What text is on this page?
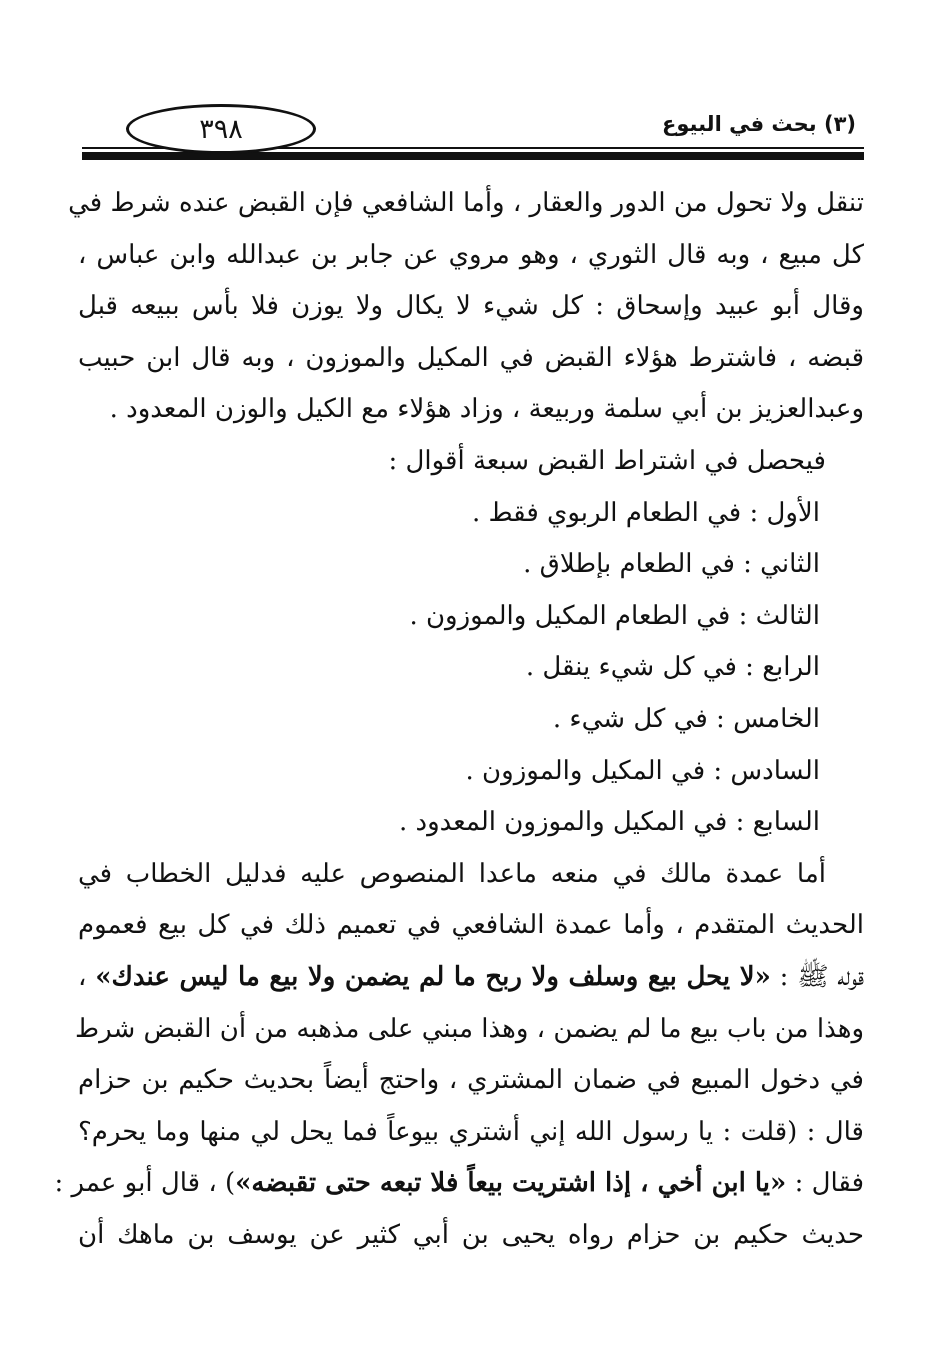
٣٩٨	(٣) بحث في البيوع
تنقل ولا تحول من الدور والعقار ، وأما الشافعي فإن القبض عنده شرط في
كل مبيع ، وبه قال الثوري ، وهو مروي عن جابر بن عبدالله وابن عباس ،
وقال أبو عبيد وإسحاق : كل شيء لا يكال ولا يوزن فلا بأس ببيعه قبل
قبضه ، فاشترط هؤلاء القبض في المكيل والموزون ، وبه قال ابن حبيب
وعبدالعزيز بن أبي سلمة وربيعة ، وزاد هؤلاء مع الكيل والوزن المعدود .
فيحصل في اشتراط القبض سبعة أقوال :
الأول : في الطعام الربوي فقط .
الثاني : في الطعام بإطلاق .
الثالث : في الطعام المكيل والموزون .
الرابع : في كل شيء ينقل .
الخامس : في كل شيء .
السادس : في المكيل والموزون .
السابع : في المكيل والموزون المعدود .
أما عمدة مالك في منعه ماعدا المنصوص عليه فدليل الخطاب في
الحديث المتقدم ، وأما عمدة الشافعي في تعميم ذلك في كل بيع فعموم
قوله ﷺ : «لا يحل بيع وسلف ولا ربح ما لم يضمن ولا بيع ما ليس عندك» ،
وهذا من باب بيع ما لم يضمن ، وهذا مبني على مذهبه من أن القبض شرط
في دخول المبيع في ضمان المشتري ، واحتج أيضاً بحديث حكيم بن حزام
قال : (قلت : يا رسول الله إني أشتري بيوعاً فما يحل لي منها وما يحرم؟
فقال : «يا ابن أخي ، إذا اشتريت بيعاً فلا تبعه حتى تقبضه») ، قال أبو عمر :
حديث حكيم بن حزام رواه يحيى بن أبي كثير عن يوسف بن ماهك أن
